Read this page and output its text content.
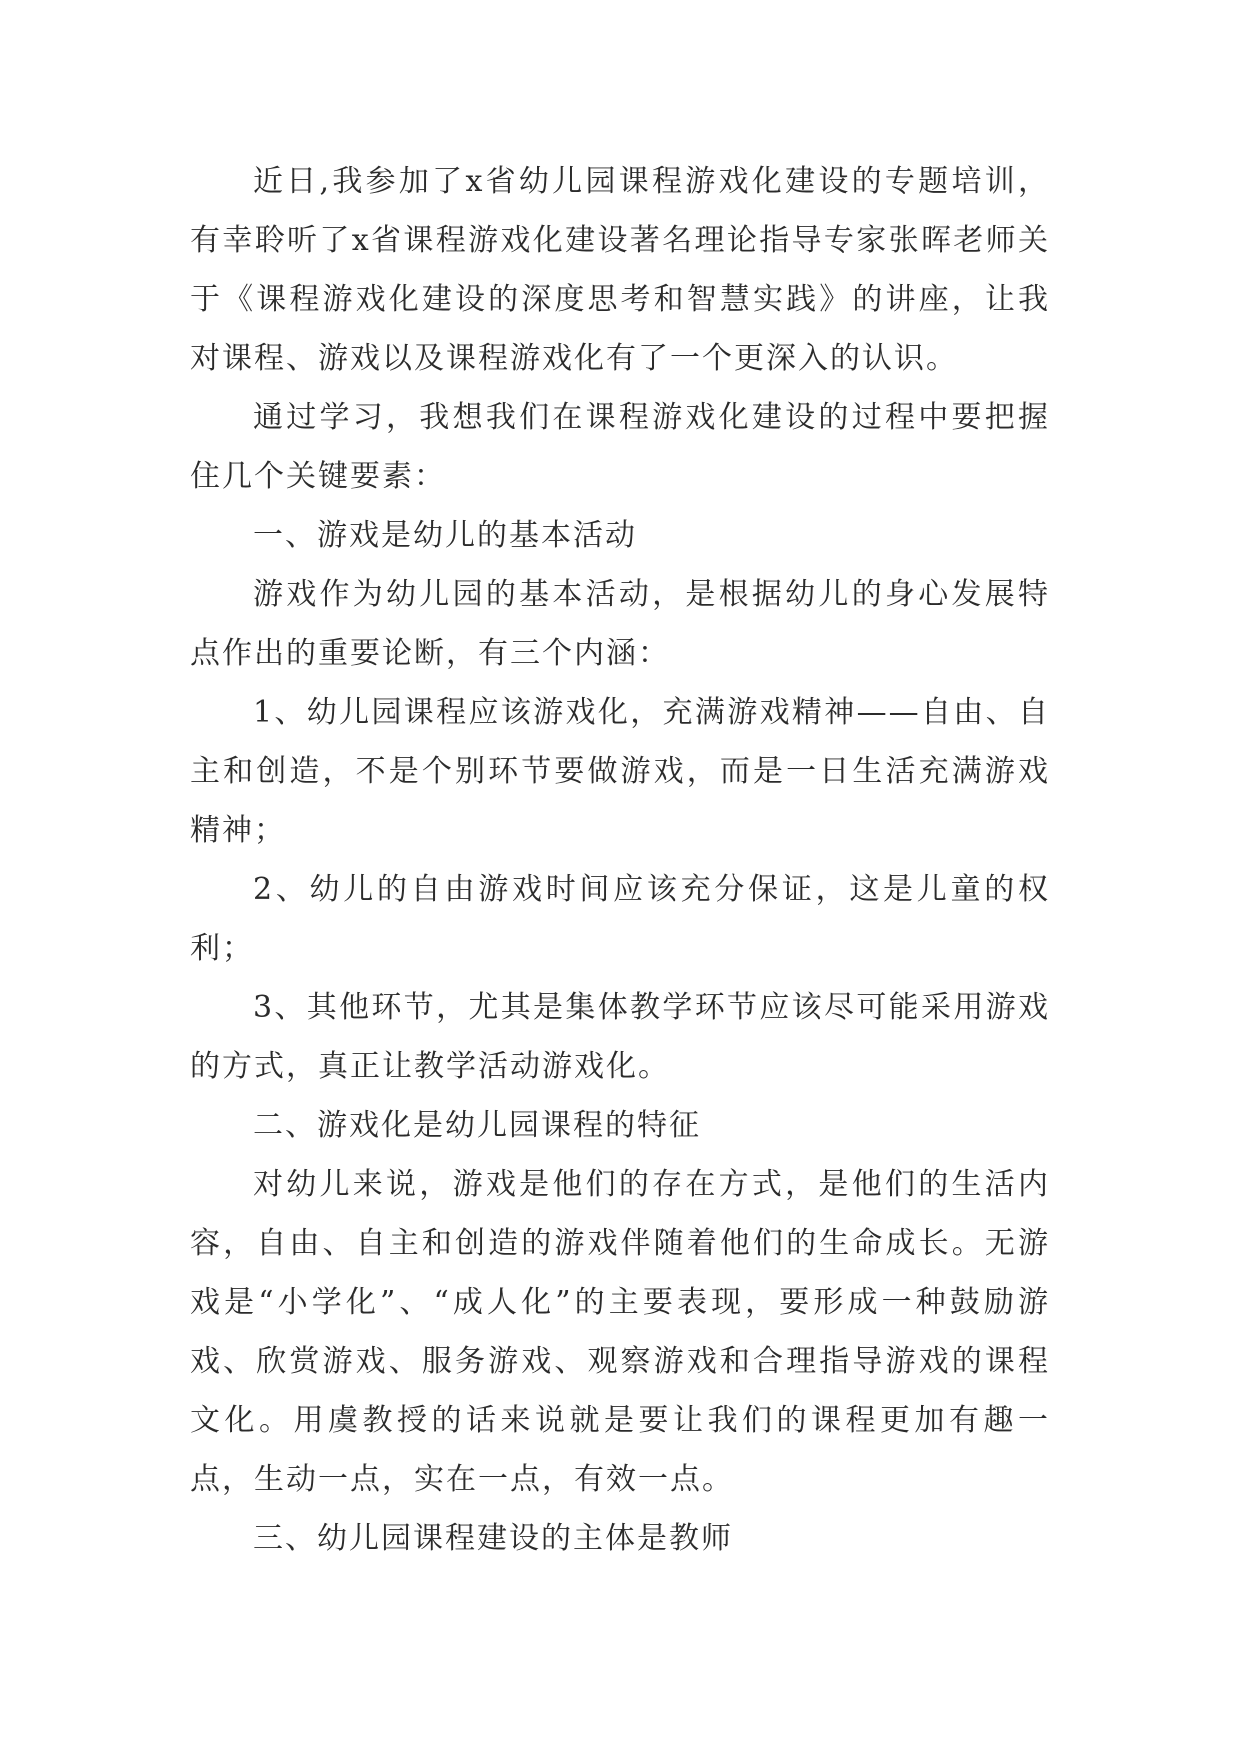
近日,我参加了x省幼儿园课程游戏化建设的专题培训，有幸聆听了x省课程游戏化建设著名理论指导专家张晖老师关于《课程游戏化建设的深度思考和智慧实践》的讲座，让我对课程、游戏以及课程游戏化有了一个更深入的认识。

通过学习，我想我们在课程游戏化建设的过程中要把握住几个关键要素：

一、游戏是幼儿的基本活动

游戏作为幼儿园的基本活动，是根据幼儿的身心发展特点作出的重要论断，有三个内涵：

1、幼儿园课程应该游戏化，充满游戏精神——自由、自主和创造，不是个别环节要做游戏，而是一日生活充满游戏精神；

2、幼儿的自由游戏时间应该充分保证，这是儿童的权利；

3、其他环节，尤其是集体教学环节应该尽可能采用游戏的方式，真正让教学活动游戏化。

二、游戏化是幼儿园课程的特征

对幼儿来说，游戏是他们的存在方式，是他们的生活内容，自由、自主和创造的游戏伴随着他们的生命成长。无游戏是“小学化”、“成人化”的主要表现，要形成一种鼓励游戏、欣赏游戏、服务游戏、观察游戏和合理指导游戏的课程文化。用虞教授的话来说就是要让我们的课程更加有趣一点，生动一点，实在一点，有效一点。

三、幼儿园课程建设的主体是教师
